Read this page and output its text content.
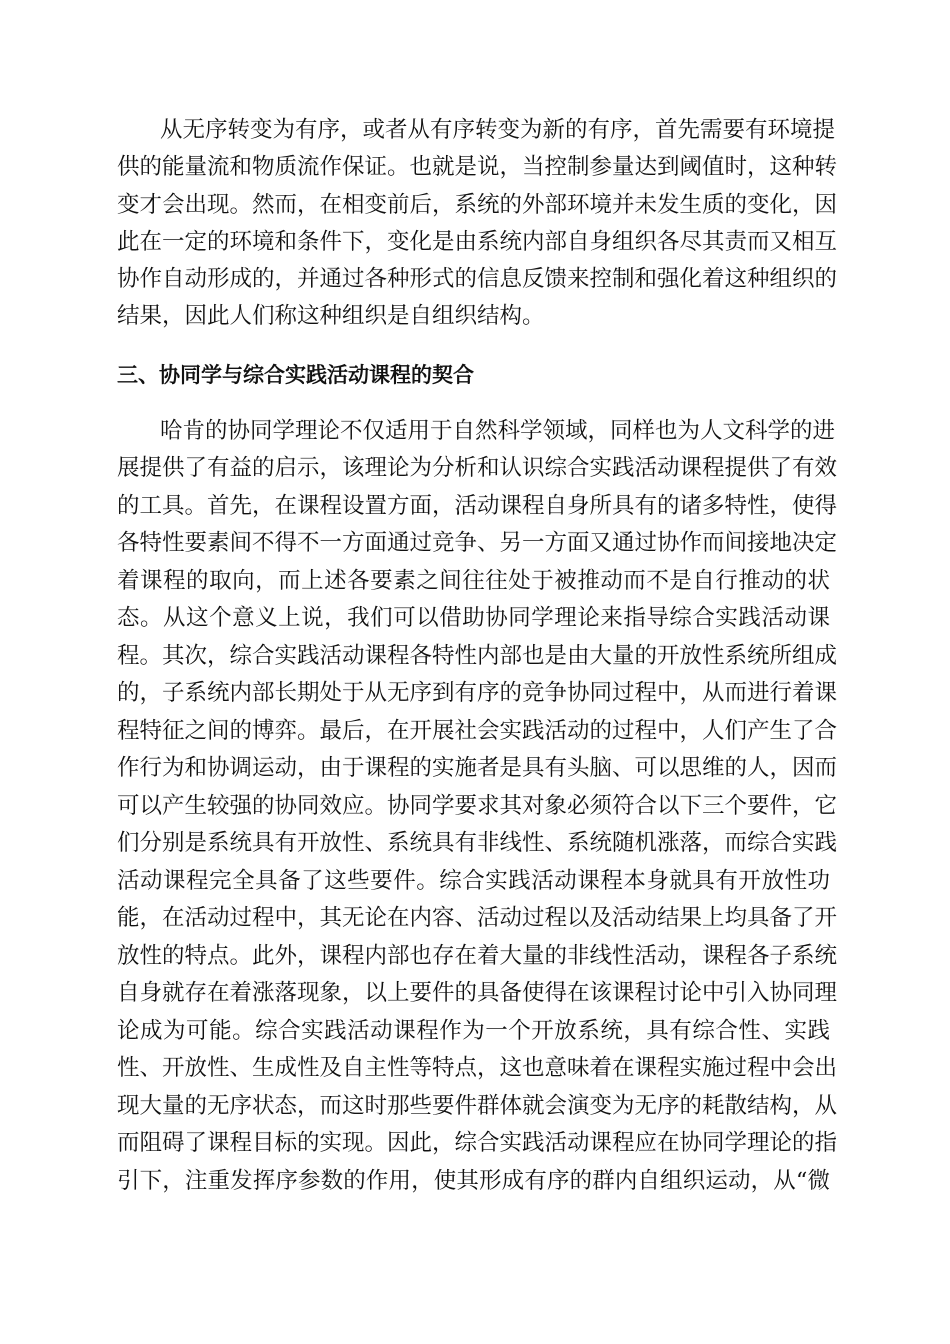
从无序转变为有序，或者从有序转变为新的有序，首先需要有环境提
供的能量流和物质流作保证。也就是说，当控制参量达到阈值时，这种转
变才会出现。然而，在相变前后，系统的外部环境并未发生质的变化，因
此在一定的环境和条件下，变化是由系统内部自身组织各尽其责而又相互
协作自动形成的，并通过各种形式的信息反馈来控制和强化着这种组织的
结果，因此人们称这种组织是自组织结构。
三、协同学与综合实践活动课程的契合
哈肯的协同学理论不仅适用于自然科学领域，同样也为人文科学的进
展提供了有益的启示，该理论为分析和认识综合实践活动课程提供了有效
的工具。首先，在课程设置方面，活动课程自身所具有的诸多特性，使得
各特性要素间不得不一方面通过竞争、另一方面又通过协作而间接地决定
着课程的取向，而上述各要素之间往往处于被推动而不是自行推动的状
态。从这个意义上说，我们可以借助协同学理论来指导综合实践活动课
程。其次，综合实践活动课程各特性内部也是由大量的开放性系统所组成
的，子系统内部长期处于从无序到有序的竞争协同过程中，从而进行着课
程特征之间的博弈。最后，在开展社会实践活动的过程中，人们产生了合
作行为和协调运动，由于课程的实施者是具有头脑、可以思维的人，因而
可以产生较强的协同效应。协同学要求其对象必须符合以下三个要件，它
们分别是系统具有开放性、系统具有非线性、系统随机涨落，而综合实践
活动课程完全具备了这些要件。综合实践活动课程本身就具有开放性功
能，在活动过程中，其无论在内容、活动过程以及活动结果上均具备了开
放性的特点。此外，课程内部也存在着大量的非线性活动，课程各子系统
自身就存在着涨落现象，以上要件的具备使得在该课程讨论中引入协同理
论成为可能。综合实践活动课程作为一个开放系统，具有综合性、实践
性、开放性、生成性及自主性等特点，这也意味着在课程实施过程中会出
现大量的无序状态，而这时那些要件群体就会演变为无序的耗散结构，从
而阻碍了课程目标的实现。因此，综合实践活动课程应在协同学理论的指
引下，注重发挥序参数的作用，使其形成有序的群内自组织运动，从“微
